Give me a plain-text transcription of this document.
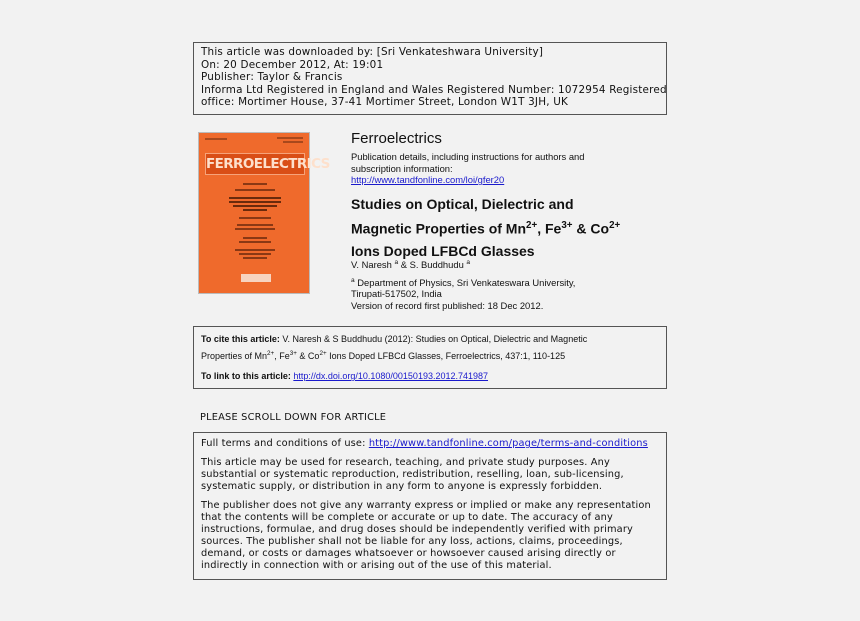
This article was downloaded by: [Sri Venkateshwara University]
On: 20 December 2012, At: 19:01
Publisher: Taylor & Francis
Informa Ltd Registered in England and Wales Registered Number: 1072954 Registered
office: Mortimer House, 37-41 Mortimer Street, London W1T 3JH, UK
FERROELECTRICS
Ferroelectrics
Publication details, including instructions for authors and
subscription information:
http://www.tandfonline.com/loi/gfer20
Studies on Optical, Dielectric and
Magnetic Properties of $Mn^{2+}$, $Fe^{3+}$ & $Co^{2+}$
Ions Doped LFBCd Glasses
V. Naresh $^a$ & S. Buddhudu $^a$
$^a$ Department of Physics, Sri Venkateswara University,
Tirupati-517502, India
Version of record first published: 18 Dec 2012.
To cite this article: V. Naresh & S Buddhudu (2012): Studies on Optical, Dielectric and Magnetic
Properties of $Mn^{2+}$, $Fe^{3+}$ & $Co^{2+}$ Ions Doped LFBCd Glasses, Ferroelectrics, 437:1, 110-125
To link to this article: http://dx.doi.org/10.1080/00150193.2012.741987
PLEASE SCROLL DOWN FOR ARTICLE

Full terms and conditions of use: http://www.tandfonline.com/page/terms-and-conditions

This article may be used for research, teaching, and private study purposes. Any
substantial or systematic reproduction, redistribution, reselling, loan, sub-licensing,
systematic supply, or distribution in any form to anyone is expressly forbidden.

The publisher does not give any warranty express or implied or make any representation
that the contents will be complete or accurate or up to date. The accuracy of any
instructions, formulae, and drug doses should be independently verified with primary
sources. The publisher shall not be liable for any loss, actions, claims, proceedings,
demand, or costs or damages whatsoever or howsoever caused arising directly or
indirectly in connection with or arising out of the use of this material.
